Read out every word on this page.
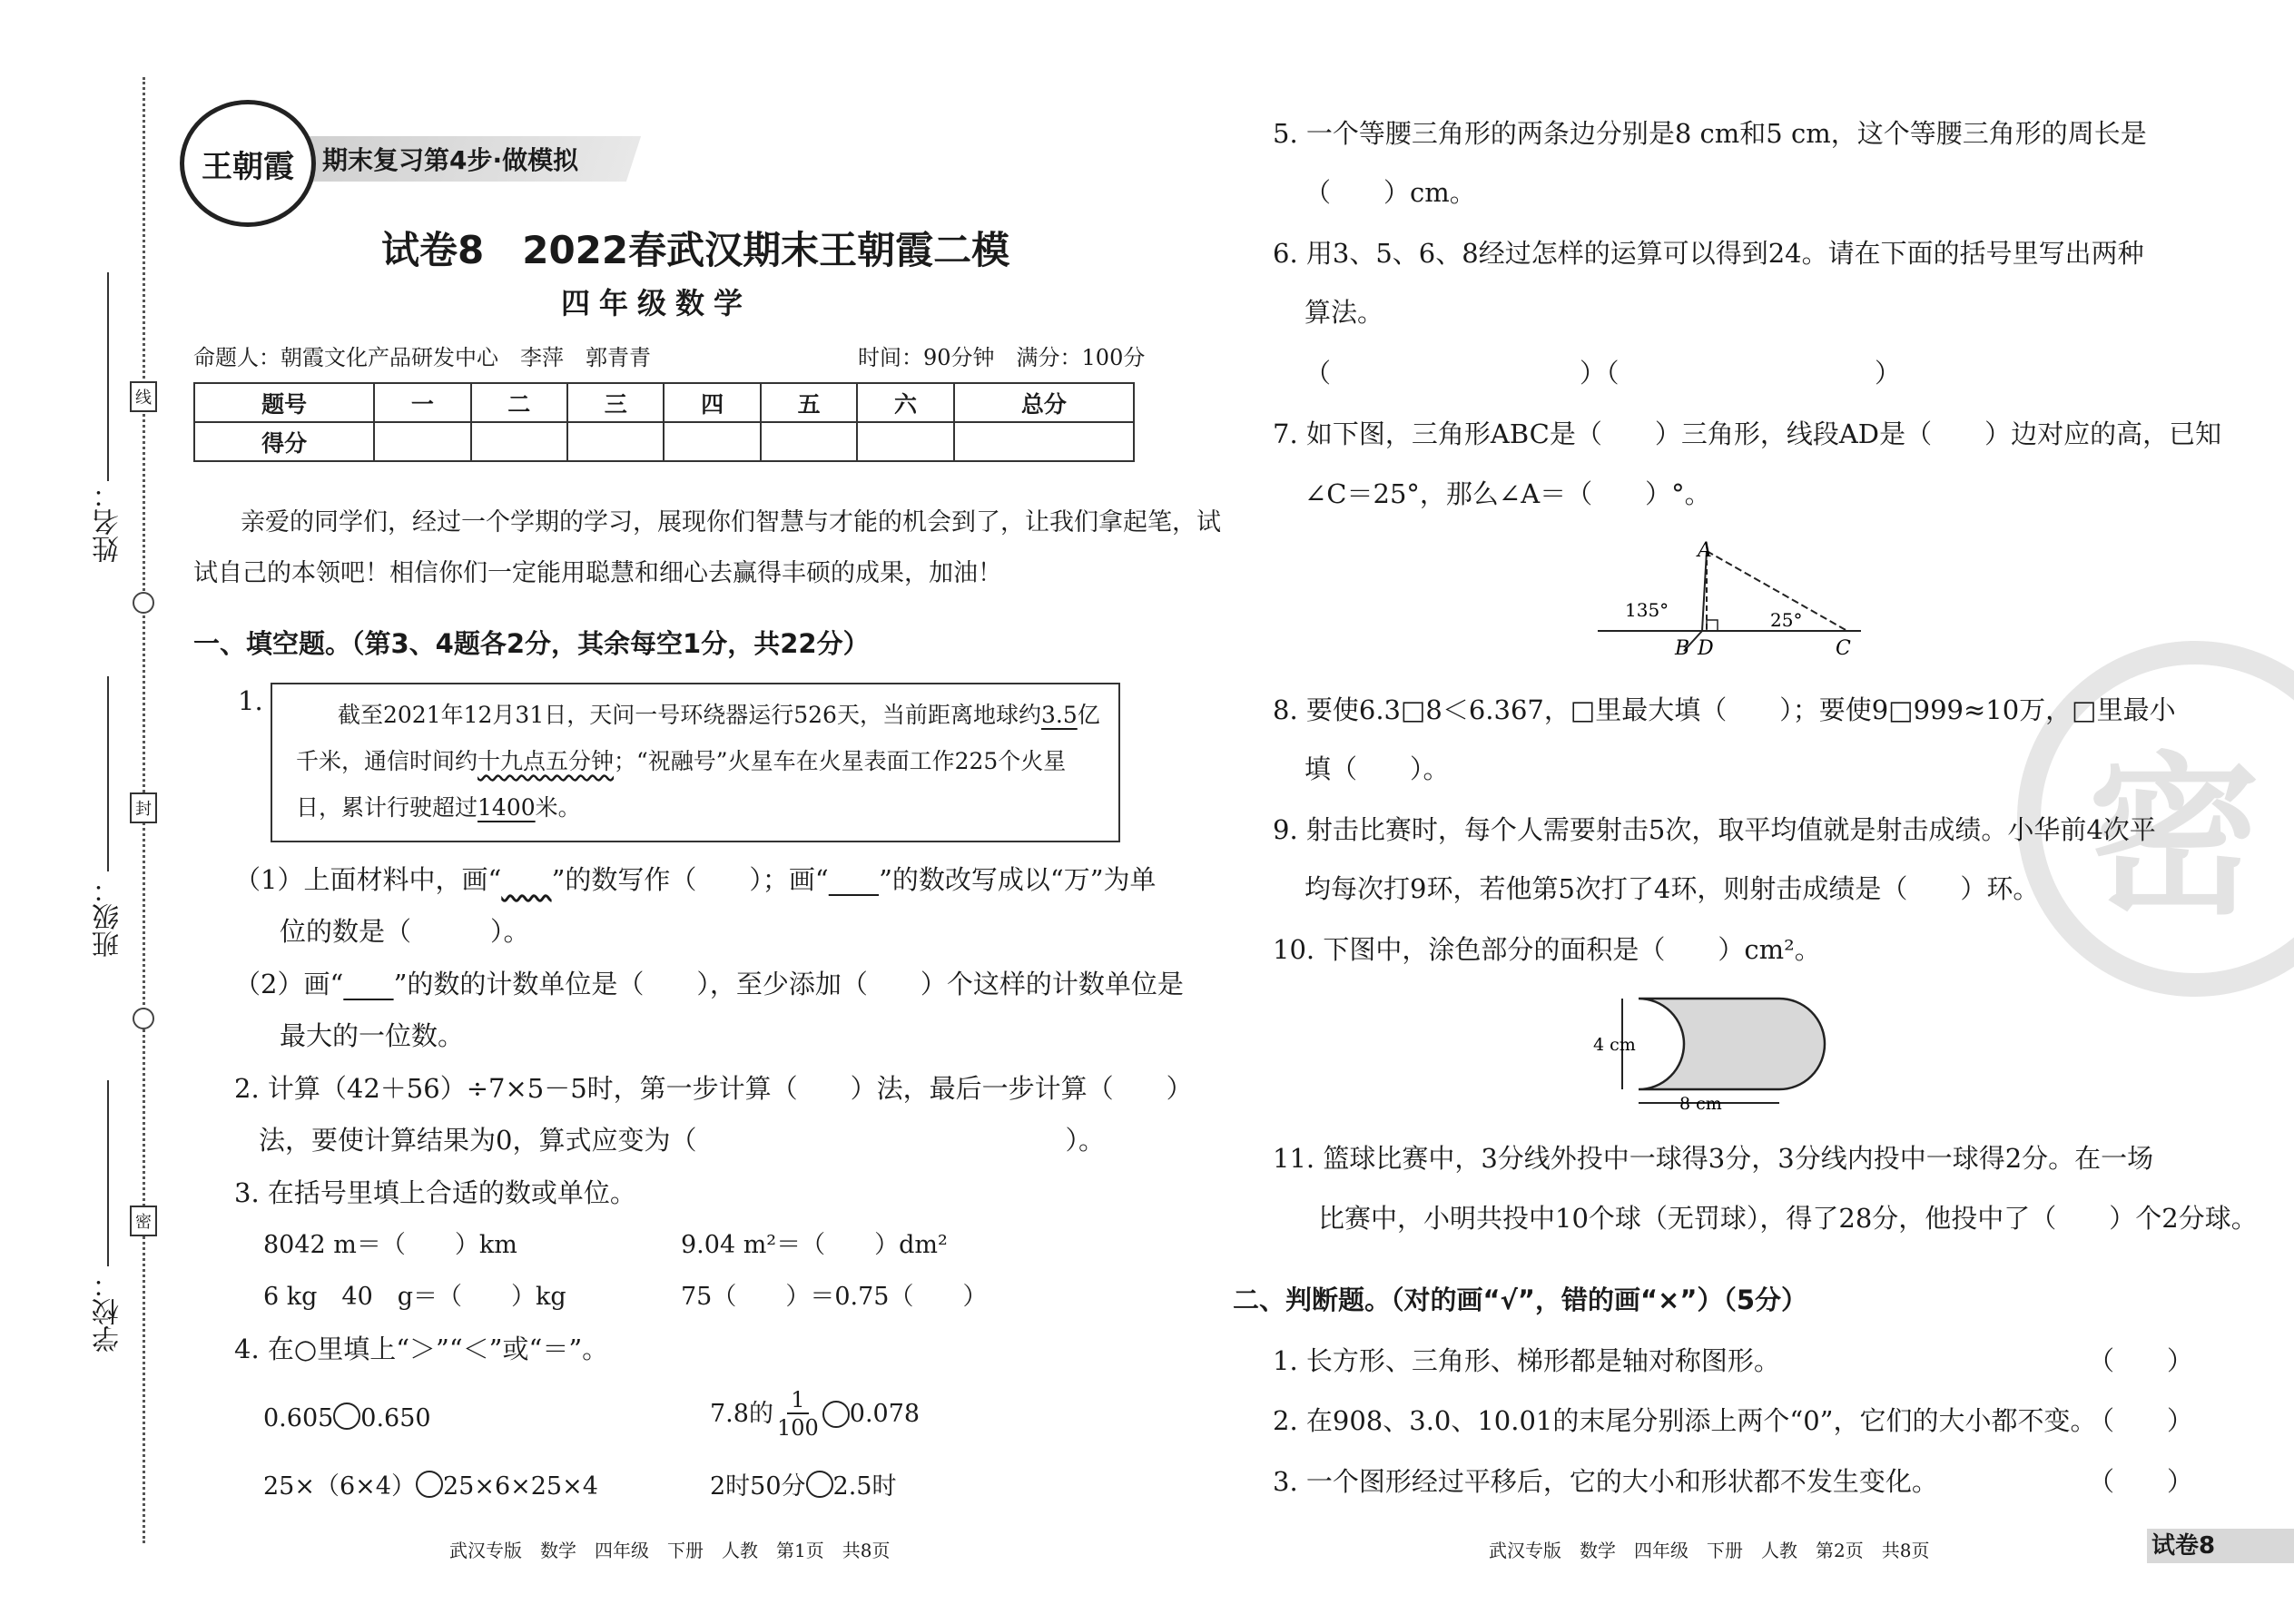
姓名：
班级：
学校：
线
封
密
期末复习第4步·做模拟
王朝霞
试卷8　2022春武汉期末王朝霞二模
四年级数学
命题人：朝霞文化产品研发中心　李萍　郭青青	时间：90分钟　满分：100分
题号	一	二	三	四	五	六	总分
得分							
亲爱的同学们，经过一个学期的学习，展现你们智慧与才能的机会到了，让我们拿起笔，试
试自己的本领吧！相信你们一定能用聪慧和细心去赢得丰硕的成果，加油！
一、填空题。（第3、4题各2分，其余每空1分，共22分）
1.	截至2021年12月31日，天问一号环绕器运行526天，当前距离地球约3.5亿
千米，通信时间约十九点五分钟；“祝融号”火星车在火星表面工作225个火星
日，累计行驶超过1400米。
（1）上面材料中，画“ ”的数写作（　　）；画“ ”的数改写成以“万”为单
位的数是（　　　）。
（2）画“ ”的数的计数单位是（　　），至少添加（　　）个这样的计数单位是
最大的一位数。
2. 计算（42＋56）÷7×5－5时，第一步计算（　　）法，最后一步计算（　　）
法，要使计算结果为0，算式应变为（　　　　　　　　　　　　　　）。
3. 在括号里填上合适的数或单位。
8042 m＝（　　）km	9.04 m²＝（　　）dm²
6 kg　40　g＝（　　）kg	75（　　）＝0.75（　　）
4. 在○里填上“＞”“＜”或“＝”。
0.605 0.650	7.8的 $\frac{1}{100} 0.078$
25×（6×4） 25×6×25×4	2时50分 2.5时
密
5. 一个等腰三角形的两条边分别是8 cm和5 cm，这个等腰三角形的周长是
（　　）cm。
6. 用3、5、6、8经过怎样的运算可以得到24。请在下面的括号里写出两种
算法。
（	）（	）
7. 如下图，三角形ABC是（　　）三角形，线段AD是（　　）边对应的高，已知
∠C＝25°，那么∠A＝（　　）°。
A
135°
B D
25°
C
8. 要使6.3□8＜6.367，□里最大填（　　）；要使9□999≈10万，□里最小
填（　　）。
9. 射击比赛时，每个人需要射击5次，取平均值就是射击成绩。小华前4次平
均每次打9环，若他第5次打了4环，则射击成绩是（　　）环。
10. 下图中，涂色部分的面积是（　　）cm²。
4 cm
8 cm
11. 篮球比赛中，3分线外投中一球得3分，3分线内投中一球得2分。在一场
比赛中，小明共投中10个球（无罚球），得了28分，他投中了（　　）个2分球。
二、判断题。（对的画“√”，错的画“×”）（5分）
1. 长方形、三角形、梯形都是轴对称图形。	（　　）
2. 在908、3.0、10.01的末尾分别添上两个“0”，它们的大小都不变。
（　　）
3. 一个图形经过平移后，它的大小和形状都不发生变化。	（　　）
武汉专版　数学　四年级　下册　人教　第1页　共8页	武汉专版　数学　四年级　下册　人教　第2页　共8页	试卷8
